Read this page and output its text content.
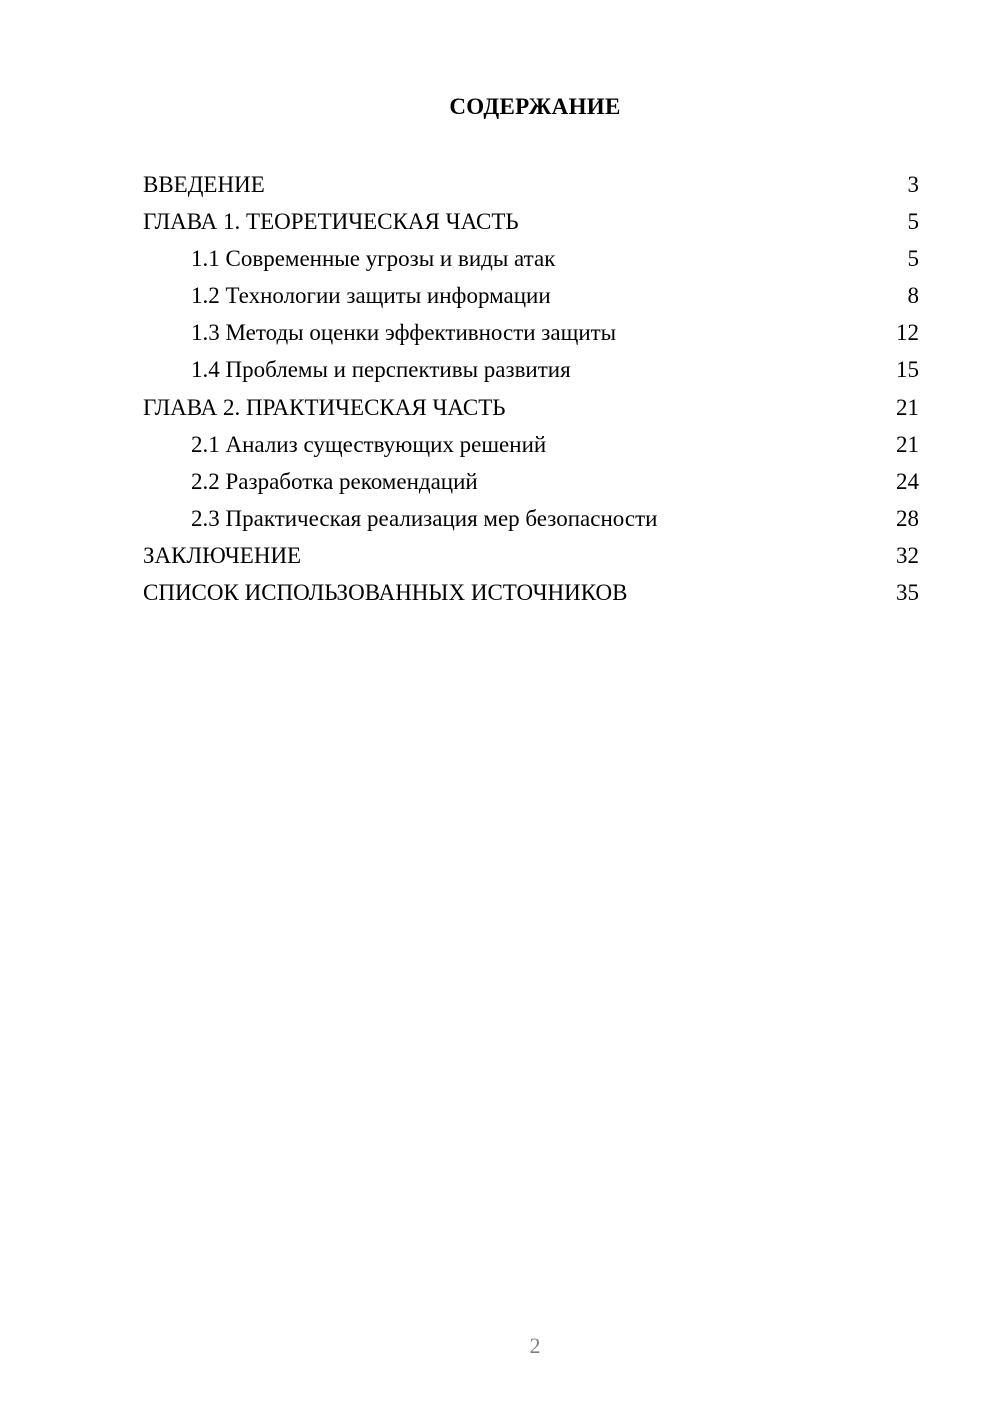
СОДЕРЖАНИЕ
ВВЕДЕНИЕ	3
ГЛАВА 1. ТЕОРЕТИЧЕСКАЯ ЧАСТЬ	5
1.1 Современные угрозы и виды атак	5
1.2 Технологии защиты информации	8
1.3 Методы оценки эффективности защиты	12
1.4 Проблемы и перспективы развития	15
ГЛАВА 2. ПРАКТИЧЕСКАЯ ЧАСТЬ	21
2.1 Анализ существующих решений	21
2.2 Разработка рекомендаций	24
2.3 Практическая реализация мер безопасности	28
ЗАКЛЮЧЕНИЕ	32
СПИСОК ИСПОЛЬЗОВАННЫХ ИСТОЧНИКОВ	35
2
